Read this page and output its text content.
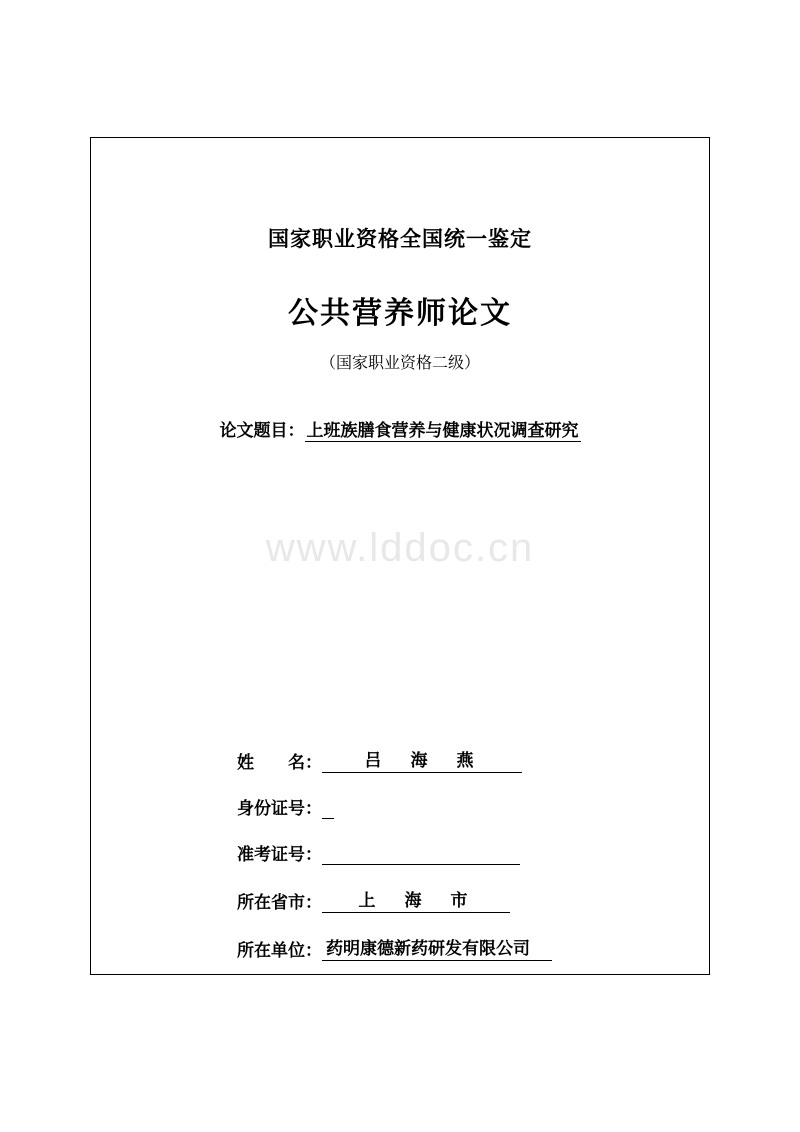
国家职业资格全国统一鉴定
公共营养师论文
（国家职业资格二级）
论文题目： 上班族膳食营养与健康状况调查研究
www.lddoc.cn
姓　　名：	吕　海　燕
身份证号：
准考证号：
所在省市：	上　海　市
所在单位： 药明康德新药研发有限公司
